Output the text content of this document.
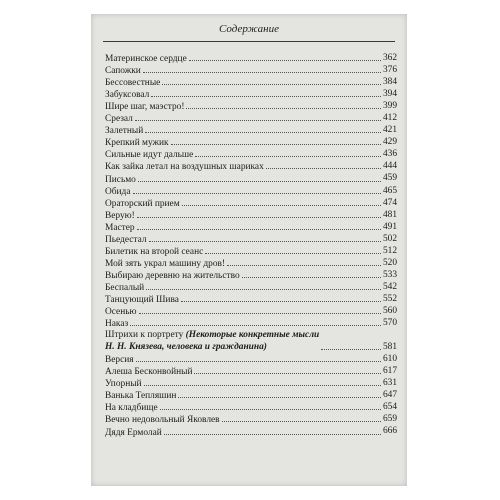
Содержание
Материнское сердце	362
Сапожки	376
Бессовестные	384
Забуксовал	394
Шире шаг, маэстро!	399
Срезал	412
Залетный	421
Крепкий мужик	429
Сильные идут дальше	436
Как зайка летал на воздушных шариках	444
Письмо	459
Обида	465
Ораторский прием	474
Верую!	481
Мастер	491
Пьедестал	502
Билетик на второй сеанс	512
Мой зять украл машину дров!	520
Выбираю деревню на жительство	533
Беспалый	542
Танцующий Шива	552
Осенью	560
Наказ	570
Штрихи к портрету (Некоторые конкретные мысли
Н. Н. Князева, человека и гражданина)	581
Версия	610
Алеша Бесконвойный	617
Упорный	631
Ванька Тепляшин	647
На кладбище	654
Вечно недовольный Яковлев	659
Дядя Ермолай	666
